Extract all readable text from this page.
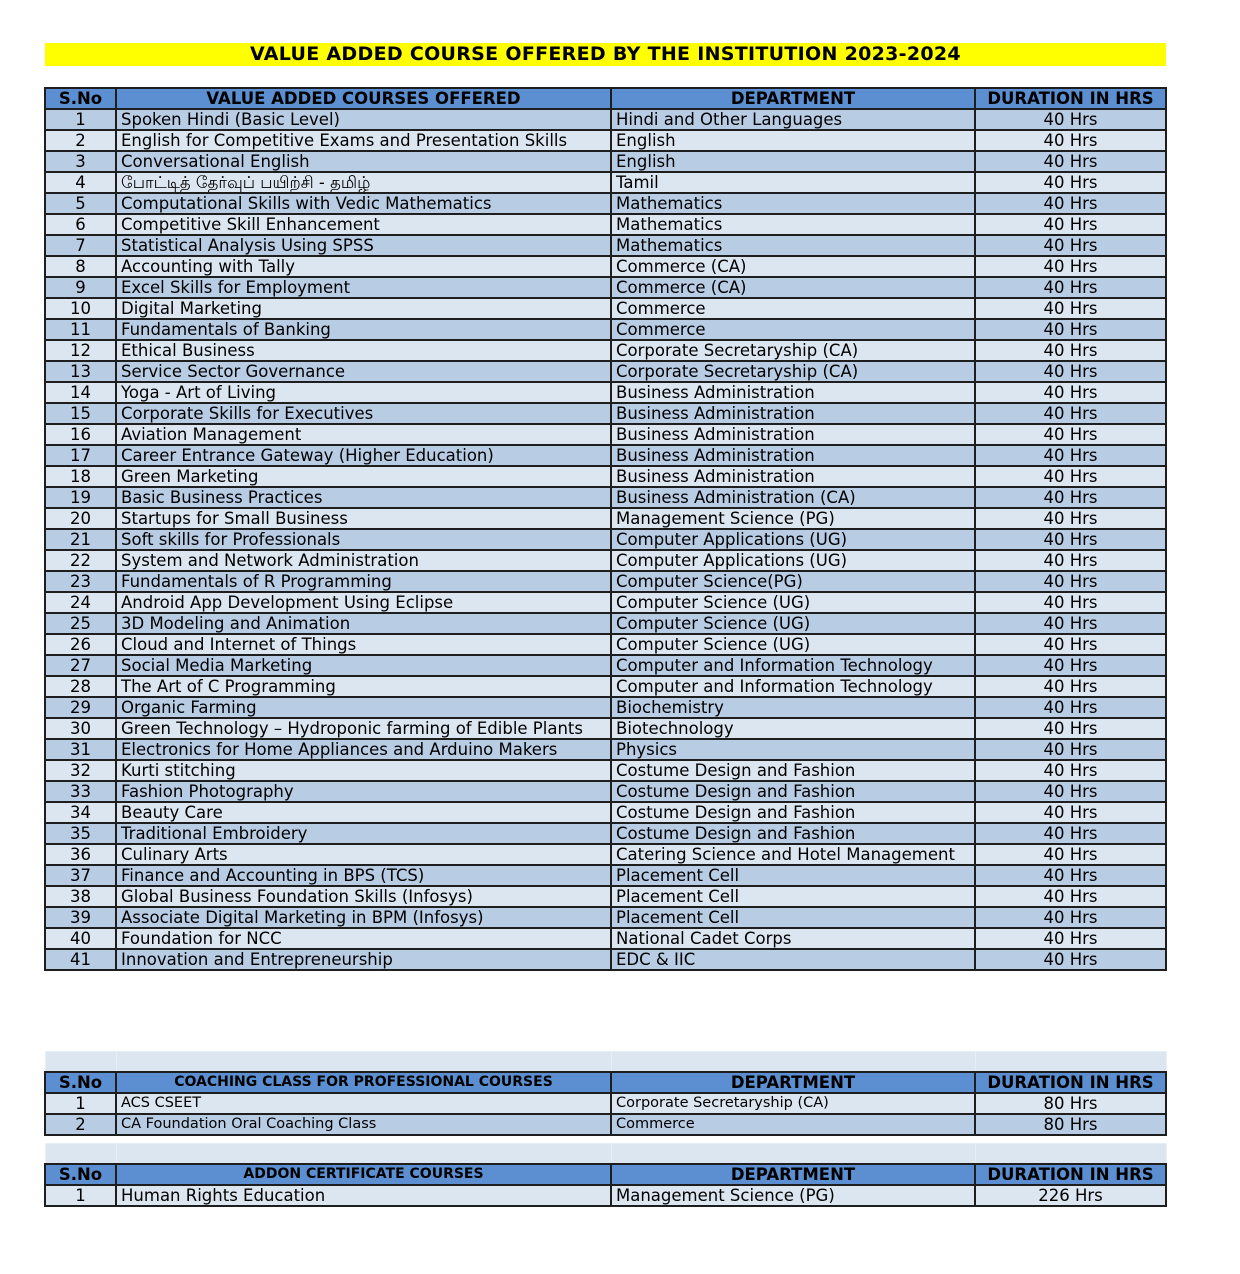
VALUE ADDED COURSE OFFERED BY THE INSTITUTION 2023-2024
S.No	VALUE ADDED COURSES OFFERED	DEPARTMENT	DURATION IN HRS
1	Spoken Hindi (Basic Level)	Hindi and Other Languages	40 Hrs
2	English for Competitive Exams and Presentation Skills	English	40 Hrs
3	Conversational English	English	40 Hrs
4	போட்டித் தேர்வுப் பயிற்சி - தமிழ்	Tamil	40 Hrs
5	Computational Skills with Vedic Mathematics	Mathematics	40 Hrs
6	Competitive Skill Enhancement	Mathematics	40 Hrs
7	Statistical Analysis Using SPSS	Mathematics	40 Hrs
8	Accounting with Tally	Commerce (CA)	40 Hrs
9	Excel Skills for Employment	Commerce (CA)	40 Hrs
10	Digital Marketing	Commerce	40 Hrs
11	Fundamentals of Banking	Commerce	40 Hrs
12	Ethical Business	Corporate Secretaryship (CA)	40 Hrs
13	Service Sector Governance	Corporate Secretaryship (CA)	40 Hrs
14	Yoga - Art of Living	Business Administration	40 Hrs
15	Corporate Skills for Executives	Business Administration	40 Hrs
16	Aviation Management	Business Administration	40 Hrs
17	Career Entrance Gateway (Higher Education)	Business Administration	40 Hrs
18	Green Marketing	Business Administration	40 Hrs
19	Basic Business Practices	Business Administration (CA)	40 Hrs
20	Startups for Small Business	Management Science (PG)	40 Hrs
21	Soft skills for Professionals	Computer Applications (UG)	40 Hrs
22	System and Network Administration	Computer Applications (UG)	40 Hrs
23	Fundamentals of R Programming	Computer Science(PG)	40 Hrs
24	Android App Development Using Eclipse	Computer Science (UG)	40 Hrs
25	3D Modeling and Animation	Computer Science (UG)	40 Hrs
26	Cloud and Internet of Things	Computer Science (UG)	40 Hrs
27	Social Media Marketing	Computer and Information Technology	40 Hrs
28	The Art of C Programming	Computer and Information Technology	40 Hrs
29	Organic Farming	Biochemistry	40 Hrs
30	Green Technology – Hydroponic farming of Edible Plants	Biotechnology	40 Hrs
31	Electronics for Home Appliances and Arduino Makers	Physics	40 Hrs
32	Kurti stitching	Costume Design and Fashion	40 Hrs
33	Fashion Photography	Costume Design and Fashion	40 Hrs
34	Beauty Care	Costume Design and Fashion	40 Hrs
35	Traditional Embroidery	Costume Design and Fashion	40 Hrs
36	Culinary Arts	Catering Science and Hotel Management	40 Hrs
37	Finance and Accounting in BPS (TCS)	Placement Cell	40 Hrs
38	Global Business Foundation Skills (Infosys)	Placement Cell	40 Hrs
39	Associate Digital Marketing in BPM (Infosys)	Placement Cell	40 Hrs
40	Foundation for NCC	National Cadet Corps	40 Hrs
41	Innovation and Entrepreneurship	EDC & IIC	40 Hrs

S.No	COACHING CLASS FOR PROFESSIONAL COURSES	DEPARTMENT	DURATION IN HRS
1	ACS CSEET	Corporate Secretaryship (CA)	80 Hrs
2	CA Foundation Oral Coaching Class	Commerce	80 Hrs

S.No	ADDON CERTIFICATE COURSES	DEPARTMENT	DURATION IN HRS
1	Human Rights Education	Management Science (PG)	226 Hrs
